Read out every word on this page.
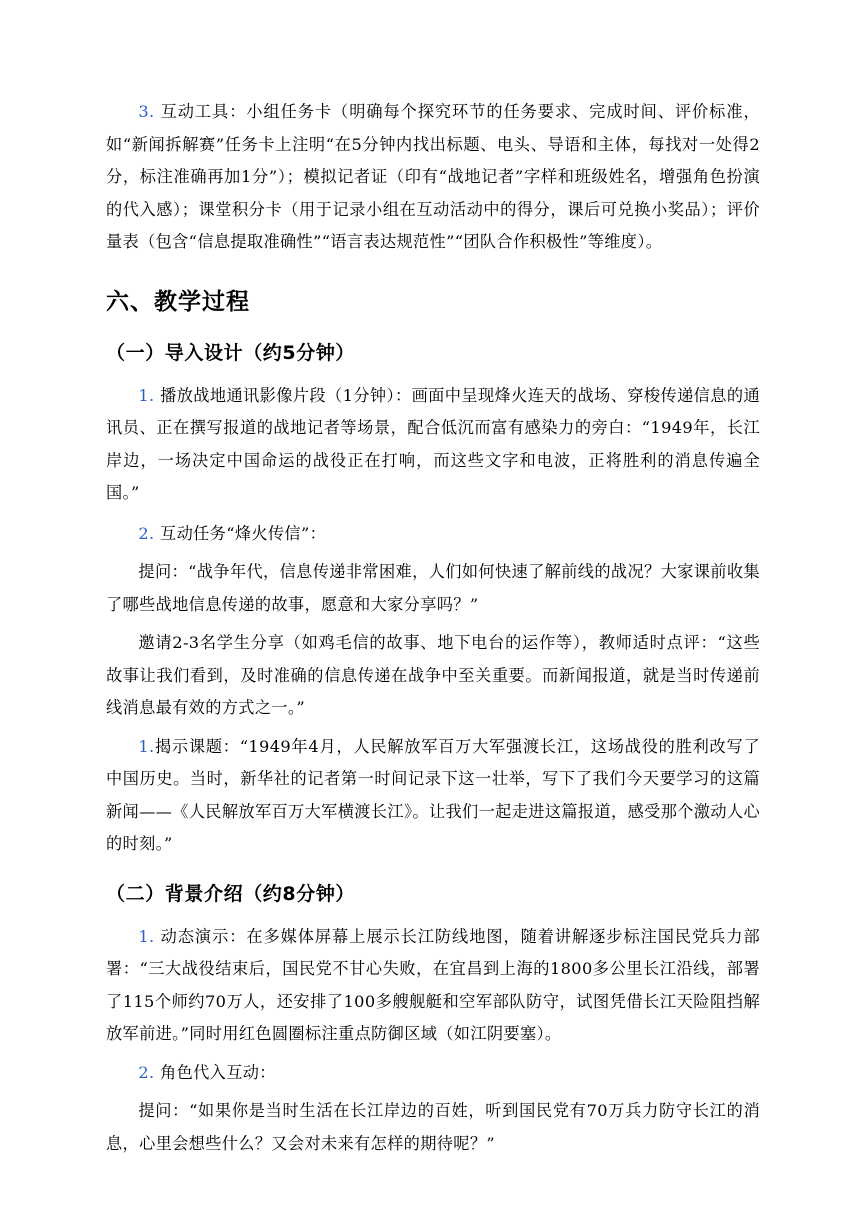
3. 互动工具：小组任务卡（明确每个探究环节的任务要求、完成时间、评价标准，如“新闻拆解赛”任务卡上注明“在5分钟内找出标题、电头、导语和主体，每找对一处得2分，标注准确再加1分”）；模拟记者证（印有“战地记者”字样和班级姓名，增强角色扮演的代入感）；课堂积分卡（用于记录小组在互动活动中的得分，课后可兑换小奖品）；评价量表（包含“信息提取准确性”“语言表达规范性”“团队合作积极性”等维度）。

六、教学过程
（一）导入设计（约5分钟）

1. 播放战地通讯影像片段（1分钟）：画面中呈现烽火连天的战场、穿梭传递信息的通讯员、正在撰写报道的战地记者等场景，配合低沉而富有感染力的旁白：“1949年，长江岸边，一场决定中国命运的战役正在打响，而这些文字和电波，正将胜利的消息传遍全国。”

2. 互动任务“烽火传信”：

提问：“战争年代，信息传递非常困难，人们如何快速了解前线的战况？大家课前收集了哪些战地信息传递的故事，愿意和大家分享吗？”

邀请2-3名学生分享（如鸡毛信的故事、地下电台的运作等），教师适时点评：“这些故事让我们看到，及时准确的信息传递在战争中至关重要。而新闻报道，就是当时传递前线消息最有效的方式之一。”

1.揭示课题：“1949年4月，人民解放军百万大军强渡长江，这场战役的胜利改写了中国历史。当时，新华社的记者第一时间记录下这一壮举，写下了我们今天要学习的这篇新闻——《人民解放军百万大军横渡长江》。让我们一起走进这篇报道，感受那个激动人心的时刻。”

（二）背景介绍（约8分钟）

1. 动态演示：在多媒体屏幕上展示长江防线地图，随着讲解逐步标注国民党兵力部署：“三大战役结束后，国民党不甘心失败，在宜昌到上海的1800多公里长江沿线，部署了115个师约70万人，还安排了100多艘舰艇和空军部队防守，试图凭借长江天险阻挡解放军前进。”同时用红色圆圈标注重点防御区域（如江阴要塞）。

2. 角色代入互动：

提问：“如果你是当时生活在长江岸边的百姓，听到国民党有70万兵力防守长江的消息，心里会想些什么？又会对未来有怎样的期待呢？”
